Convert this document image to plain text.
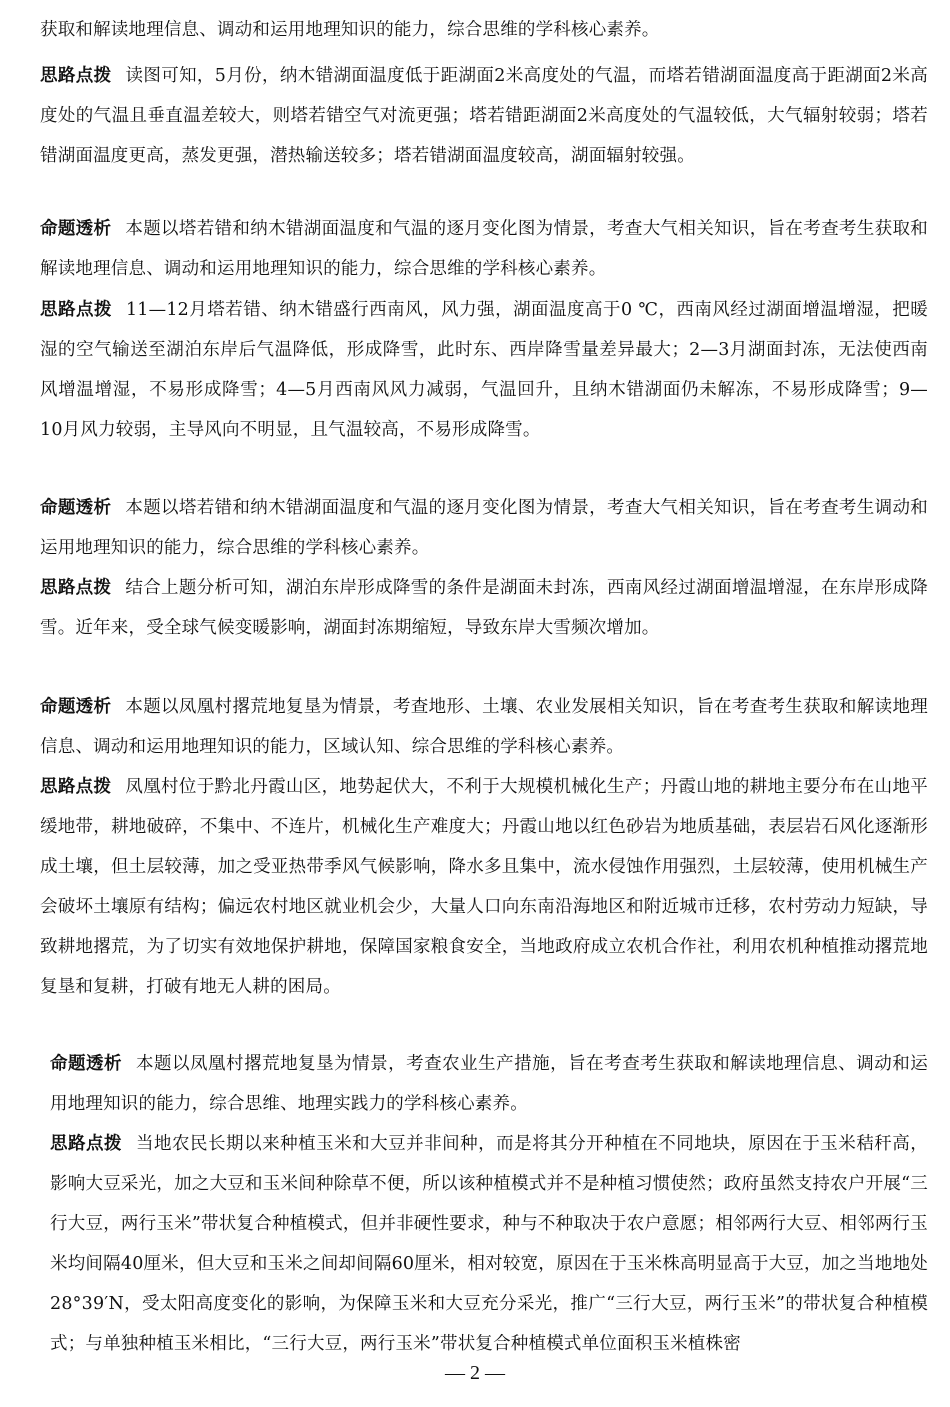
获取和解读地理信息、调动和运用地理知识的能力，综合思维的学科核心素养。

思路点拨 读图可知，5月份，纳木错湖面温度低于距湖面2米高度处的气温，而塔若错湖面温度高于距湖面2米高度处的气温且垂直温差较大，则塔若错空气对流更强；塔若错距湖面2米高度处的气温较低，大气辐射较弱；塔若错湖面温度更高，蒸发更强，潜热输送较多；塔若错湖面温度较高，湖面辐射较强。

命题透析 本题以塔若错和纳木错湖面温度和气温的逐月变化图为情景，考查大气相关知识，旨在考查考生获取和解读地理信息、调动和运用地理知识的能力，综合思维的学科核心素养。

思路点拨 11—12月塔若错、纳木错盛行西南风，风力强，湖面温度高于0 ℃，西南风经过湖面增温增湿，把暖湿的空气输送至湖泊东岸后气温降低，形成降雪，此时东、西岸降雪量差异最大；2—3月湖面封冻，无法使西南风增温增湿，不易形成降雪；4—5月西南风风力减弱，气温回升，且纳木错湖面仍未解冻，不易形成降雪；9—10月风力较弱，主导风向不明显，且气温较高，不易形成降雪。

命题透析 本题以塔若错和纳木错湖面温度和气温的逐月变化图为情景，考查大气相关知识，旨在考查考生调动和运用地理知识的能力，综合思维的学科核心素养。

思路点拨 结合上题分析可知，湖泊东岸形成降雪的条件是湖面未封冻，西南风经过湖面增温增湿，在东岸形成降雪。近年来，受全球气候变暖影响，湖面封冻期缩短，导致东岸大雪频次增加。

命题透析 本题以凤凰村撂荒地复垦为情景，考查地形、土壤、农业发展相关知识，旨在考查考生获取和解读地理信息、调动和运用地理知识的能力，区域认知、综合思维的学科核心素养。

思路点拨 凤凰村位于黔北丹霞山区，地势起伏大，不利于大规模机械化生产；丹霞山地的耕地主要分布在山地平缓地带，耕地破碎，不集中、不连片，机械化生产难度大；丹霞山地以红色砂岩为地质基础，表层岩石风化逐渐形成土壤，但土层较薄，加之受亚热带季风气候影响，降水多且集中，流水侵蚀作用强烈，土层较薄，使用机械生产会破坏土壤原有结构；偏远农村地区就业机会少，大量人口向东南沿海地区和附近城市迁移，农村劳动力短缺，导致耕地撂荒，为了切实有效地保护耕地，保障国家粮食安全，当地政府成立农机合作社，利用农机种植推动撂荒地复垦和复耕，打破有地无人耕的困局。

命题透析 本题以凤凰村撂荒地复垦为情景，考查农业生产措施，旨在考查考生获取和解读地理信息、调动和运用地理知识的能力，综合思维、地理实践力的学科核心素养。

思路点拨 当地农民长期以来种植玉米和大豆并非间种，而是将其分开种植在不同地块，原因在于玉米秸秆高，影响大豆采光，加之大豆和玉米间种除草不便，所以该种植模式并不是种植习惯使然；政府虽然支持农户开展“三行大豆，两行玉米”带状复合种植模式，但并非硬性要求，种与不种取决于农户意愿；相邻两行大豆、相邻两行玉米均间隔40厘米，但大豆和玉米之间却间隔60厘米，相对较宽，原因在于玉米株高明显高于大豆，加之当地地处28°39′N，受太阳高度变化的影响，为保障玉米和大豆充分采光，推广“三行大豆，两行玉米”的带状复合种植模式；与单独种植玉米相比，“三行大豆，两行玉米”带状复合种植模式单位面积玉米植株密

— 2 —
